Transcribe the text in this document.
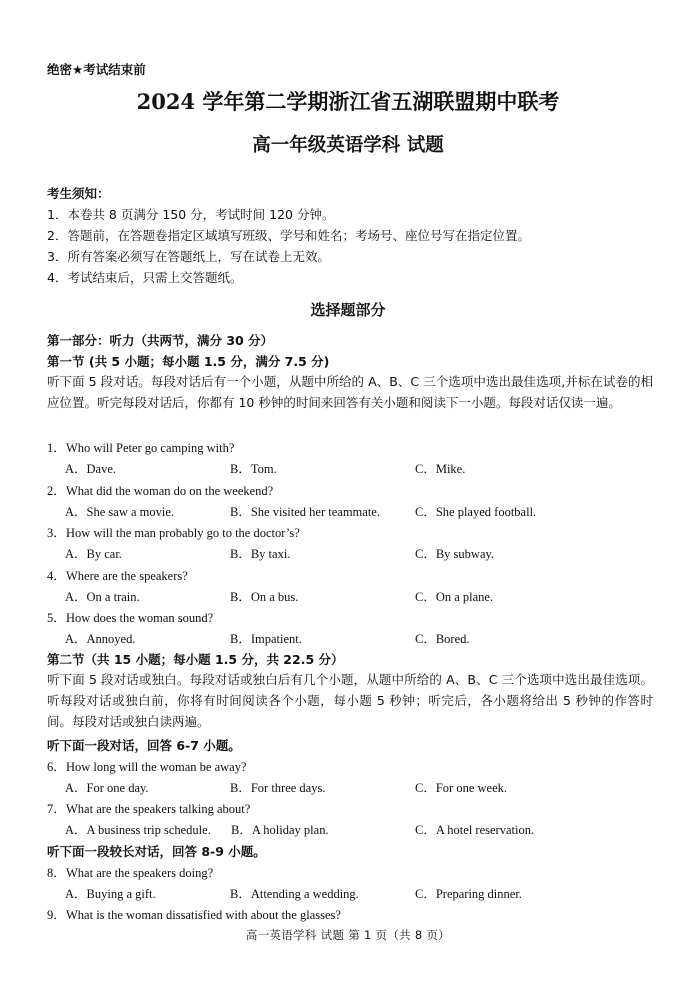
绝密★考试结束前
2024 学年第二学期浙江省五湖联盟期中联考
高一年级英语学科 试题
考生须知：
1．本卷共 8 页满分 150 分，考试时间 120 分钟。
2．答题前，在答题卷指定区域填写班级、学号和姓名；考场号、座位号写在指定位置。
3．所有答案必须写在答题纸上，写在试卷上无效。
4．考试结束后，只需上交答题纸。
选择题部分
第一部分：听力（共两节，满分 30 分）
第一节 (共 5 小题；每小题 1.5 分，满分 7.5 分)
听下面 5 段对话。每段对话后有一个小题，从题中所给的 A、B、C 三个选项中选出最佳选项,并标在试卷的相应位置。听完每段对话后，你都有 10 秒钟的时间来回答有关小题和阅读下一小题。每段对话仅读一遍。
1．Who will Peter go camping with?
A．Dave.	B．Tom.	C．Mike.
2．What did the woman do on the weekend?
A．She saw a movie.	B．She visited her teammate.	C．She played football.
3．How will the man probably go to the doctor’s?
A．By car.	B．By taxi.	C．By subway.
4．Where are the speakers?
A．On a train.	B．On a bus.	C．On a plane.
5．How does the woman sound?
A．Annoyed.	B．Impatient.	C．Bored.
第二节（共 15 小题；每小题 1.5 分，共 22.5 分）
听下面 5 段对话或独白。每段对话或独白后有几个小题，从题中所给的 A、B、C 三个选项中选出最佳选项。听每段对话或独白前，你将有时间阅读各个小题，每小题 5 秒钟；听完后，各小题将给出 5 秒钟的作答时间。每段对话或独白读两遍。
听下面一段对话，回答 6-7 小题。
6．How long will the woman be away?
A．For one day.	B．For three days.	C．For one week.
7．What are the speakers talking about?
A．A business trip schedule. B．A holiday plan.	C．A hotel reservation.
听下面一段较长对话，回答 8-9 小题。
8．What are the speakers doing?
A．Buying a gift.	B．Attending a wedding.	C．Preparing dinner.
9．What is the woman dissatisfied with about the glasses?
高一英语学科 试题 第 1 页（共 8 页）
